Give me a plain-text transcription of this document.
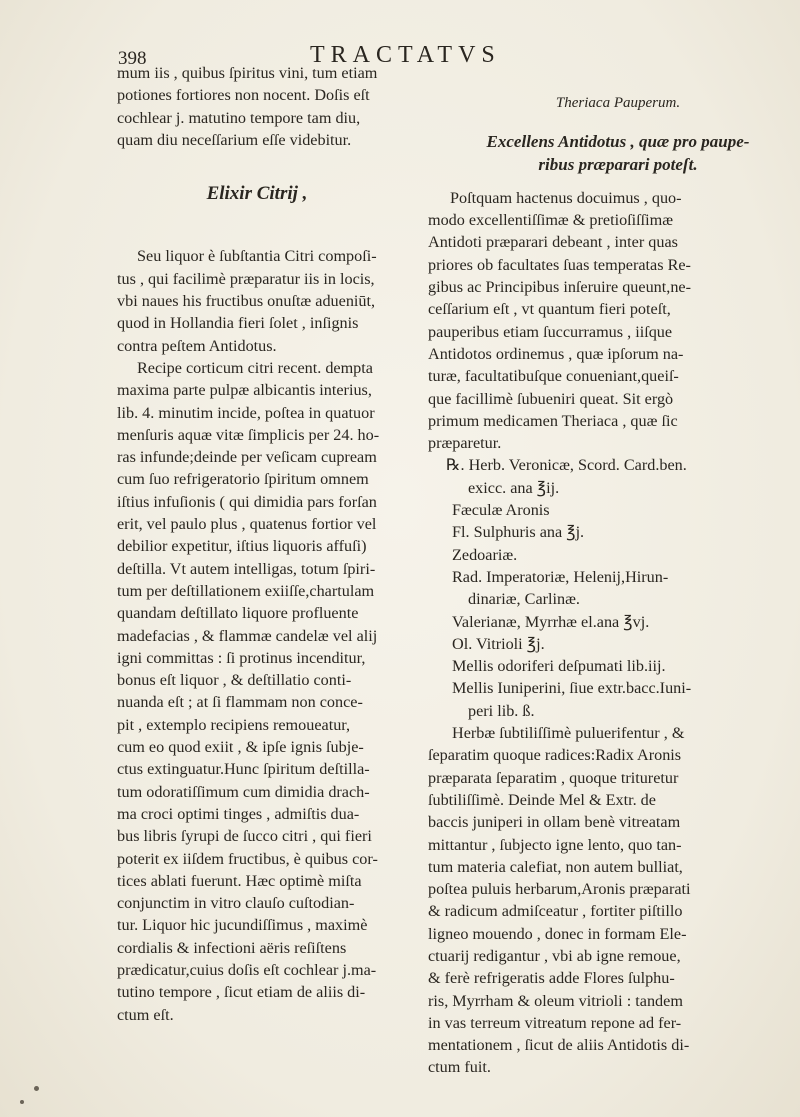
398	TRACTATVS
mum iis , quibus ſpiritus vini, tum etiam
potiones fortiores non nocent. Doſis eſt
cochlear j. matutino tempore tam diu,
quam diu neceſſarium eſſe videbitur.
Elixir Citrij ,
Seu liquor è ſubſtantia Citri compoſi-
tus , qui facilimè præparatur iis in locis,
vbi naues his fructibus onuſtæ adueniūt,
quod in Hollandia fieri ſolet , inſignis
contra peſtem Antidotus.
Recipe corticum citri recent. dempta
maxima parte pulpæ albicantis interius,
lib. 4. minutim incide, poſtea in quatuor
menſuris aquæ vitæ ſimplicis per 24. ho-
ras infunde;deinde per veſicam cupream
cum ſuo refrigeratorio ſpiritum omnem
iſtius infuſionis ( qui dimidia pars forſan
erit, vel paulo plus , quatenus fortior vel
debilior expetitur, iſtius liquoris affuſi)
deſtilla. Vt autem intelligas, totum ſpiri-
tum per deſtillationem exiiſſe,chartulam
quandam deſtillato liquore profluente
madefacias , & flammæ candelæ vel alij
igni committas : ſi protinus incenditur,
bonus eſt liquor , & deſtillatio conti-
nuanda eſt ; at ſi flammam non conce-
pit , extemplo recipiens remoueatur,
cum eo quod exiit , & ipſe ignis ſubje-
ctus extinguatur.Hunc ſpiritum deſtilla-
tum odoratiſſimum cum dimidia drach-
ma croci optimi tinges , admiſtis dua-
bus libris ſyrupi de ſucco citri , qui fieri
poterit ex iiſdem fructibus, è quibus cor-
tices ablati fuerunt. Hæc optimè miſta
conjunctim in vitro clauſo cuſtodian-
tur. Liquor hic jucundiſſimus , maximè
cordialis & infectioni aëris reſiſtens
prædicatur,cuius doſis eſt cochlear j.ma-
tutino tempore , ſicut etiam de aliis di-
ctum eſt.
Theriaca Pauperum.
Excellens Antidotus , quæ pro paupe-
ribus præparari poteſt.
Poſtquam hactenus docuimus , quo-
modo excellentiſſimæ & pretioſiſſimæ
Antidoti præparari debeant , inter quas
priores ob facultates ſuas temperatas Re-
gibus ac Principibus inſeruire queunt,ne-
ceſſarium eſt , vt quantum fieri poteſt,
pauperibus etiam ſuccurramus , iiſque
Antidotos ordinemus , quæ ipſorum na-
turæ, facultatibuſque conueniant,queiſ-
que facillimè ſubueniri queat. Sit ergò
primum medicamen Theriaca , quæ ſic
præparetur.
℞. Herb. Veronicæ, Scord. Card.ben.
exicc. ana ℥ij.
Fæculæ Aronis
Fl. Sulphuris ana ℥j.
Zedoariæ.
Rad. Imperatoriæ, Helenij,Hirun-
dinariæ, Carlinæ.
Valerianæ, Myrrhæ el.ana ℥vj.
Ol. Vitrioli ℥j.
Mellis odoriferi deſpumati lib.iij.
Mellis Iuniperini, ſiue extr.bacc.Iuni-
peri lib. ß.
Herbæ ſubtiliſſimè puluerifentur , &
ſeparatim quoque radices:Radix Aronis
præparata ſeparatim , quoque trituretur
ſubtiliſſimè. Deinde Mel & Extr. de
baccis juniperi in ollam benè vitreatam
mittantur , ſubjecto igne lento, quo tan-
tum materia calefiat, non autem bulliat,
poſtea puluis herbarum,Aronis præparati
& radicum admiſceatur , fortiter piſtillo
ligneo mouendo , donec in formam Ele-
ctuarij redigantur , vbi ab igne remoue,
& ferè refrigeratis adde Flores ſulphu-
ris, Myrrham & oleum vitrioli : tandem
in vas terreum vitreatum repone ad fer-
mentationem , ſicut de aliis Antidotis di-
ctum fuit.
